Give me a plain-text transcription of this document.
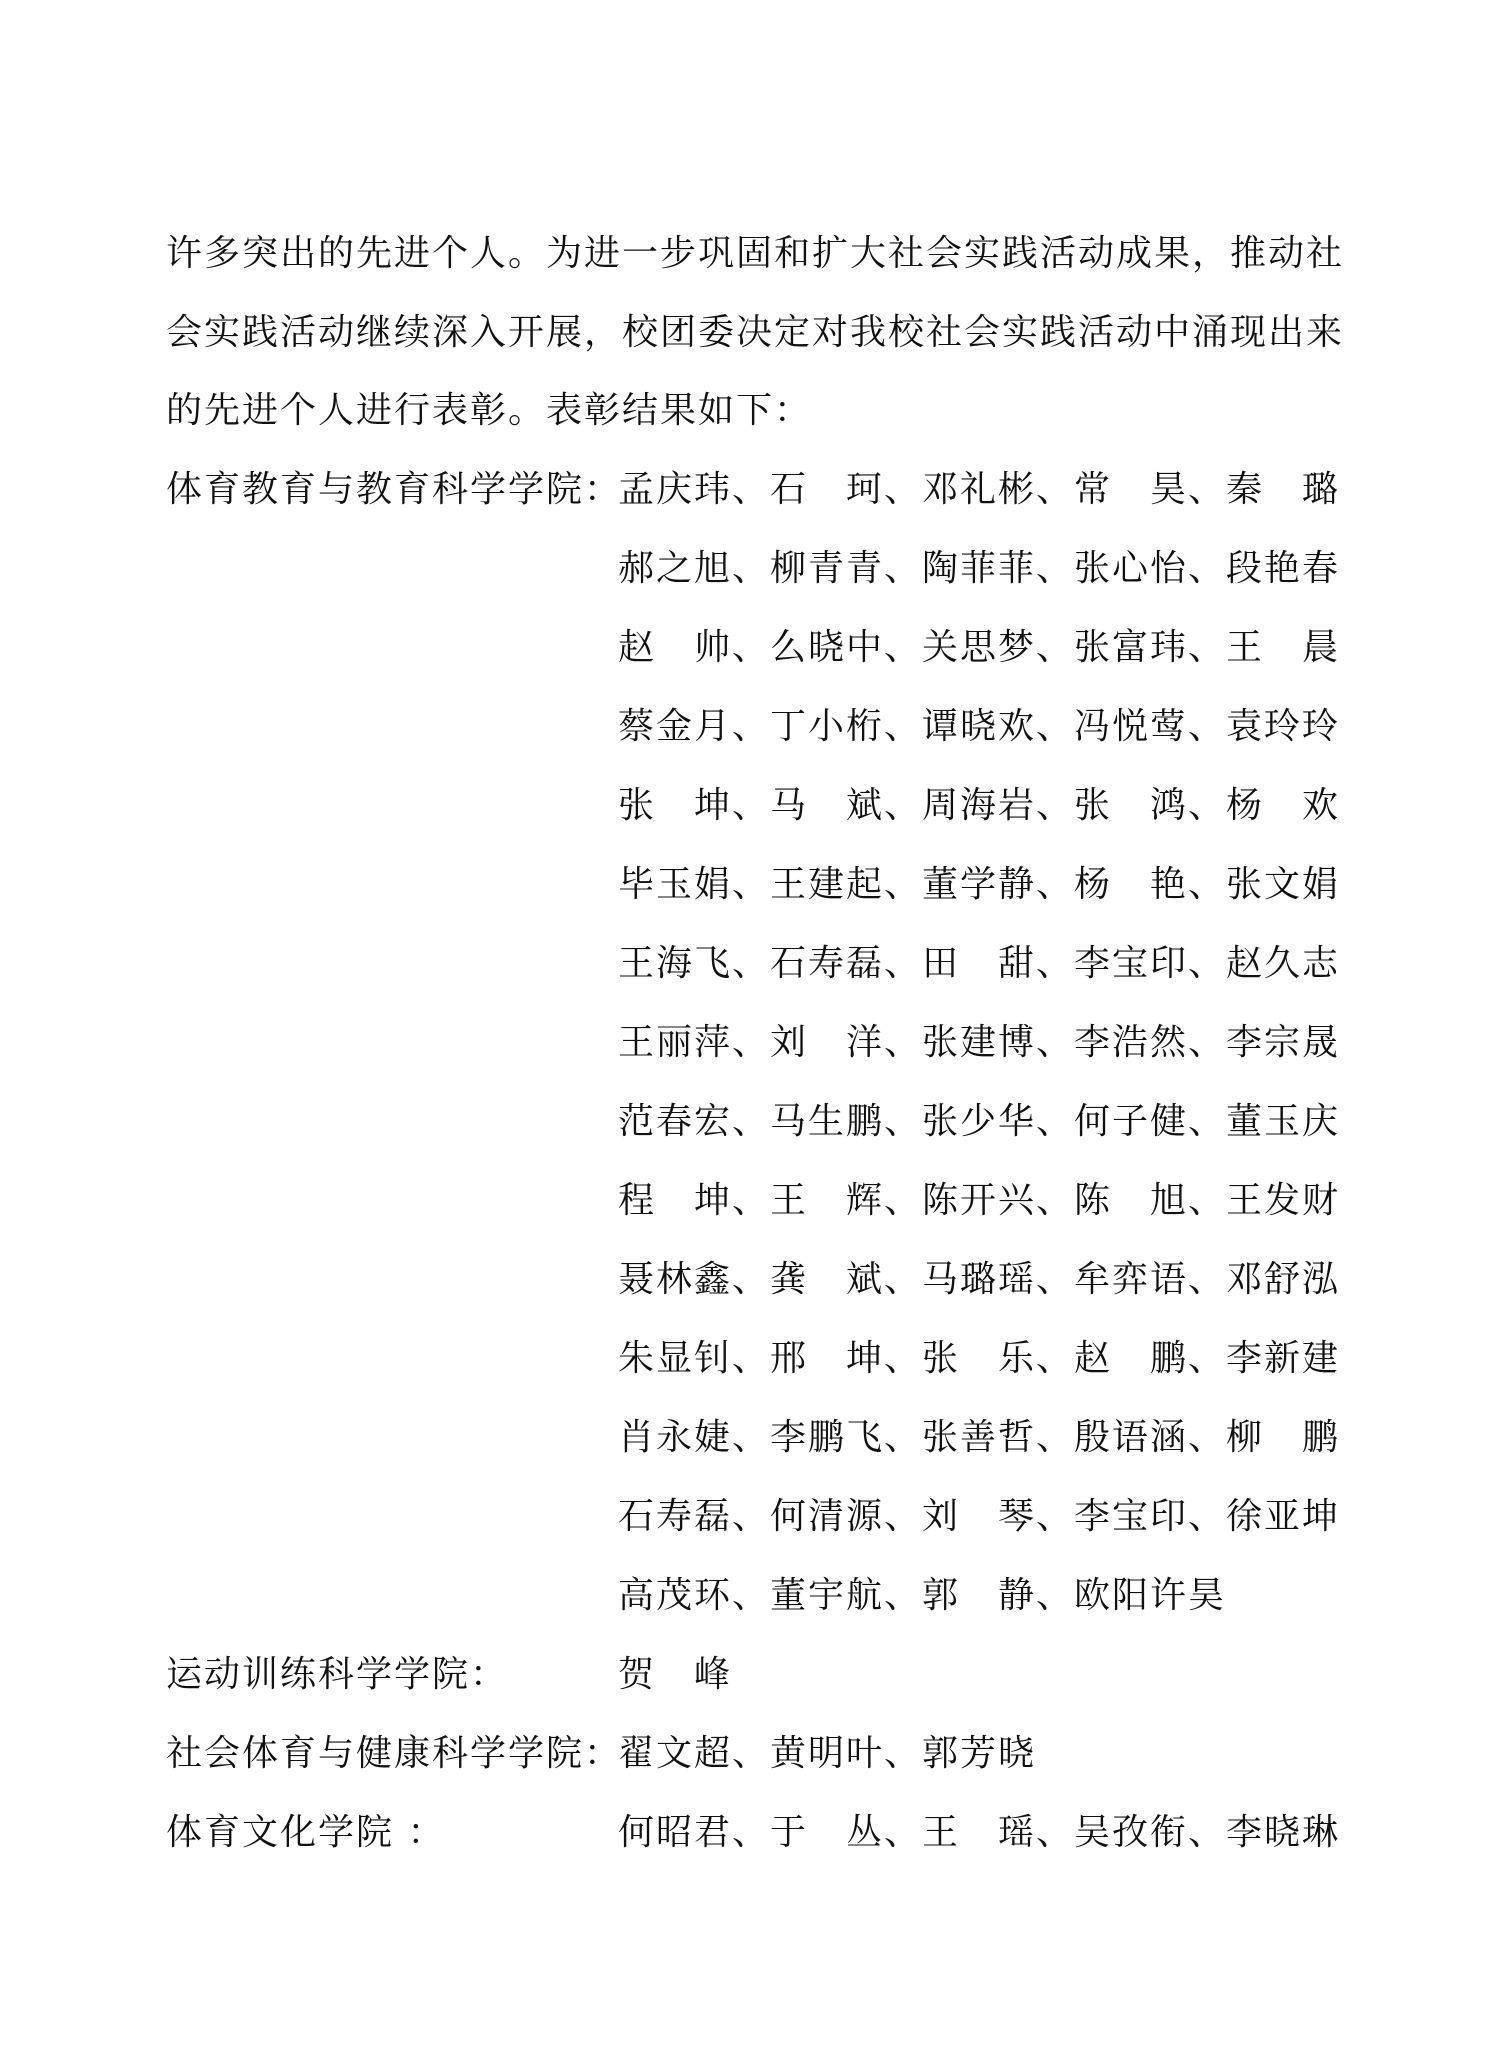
许多突出的先进个人。为进一步巩固和扩大社会实践活动成果，推动社
会实践活动继续深入开展，校团委决定对我校社会实践活动中涌现出来
的先进个人进行表彰。表彰结果如下：
体育教育与教育科学学院：
孟庆玮、石　珂、邓礼彬、常　昊、秦　璐
郝之旭、柳青青、陶菲菲、张心怡、段艳春
赵　帅、么晓中、关思梦、张富玮、王　晨
蔡金月、丁小桁、谭晓欢、冯悦莺、袁玲玲
张　坤、马　斌、周海岩、张　鸿、杨　欢
毕玉娟、王建起、董学静、杨　艳、张文娟
王海飞、石寿磊、田　甜、李宝印、赵久志
王丽萍、刘　洋、张建博、李浩然、李宗晟
范春宏、马生鹏、张少华、何子健、董玉庆
程　坤、王　辉、陈开兴、陈　旭、王发财
聂林鑫、龚　斌、马璐瑶、牟弈语、邓舒泓
朱显钊、邢　坤、张　乐、赵　鹏、李新建
肖永婕、李鹏飞、张善哲、殷语涵、柳　鹏
石寿磊、何清源、刘　琴、李宝印、徐亚坤
高茂环、董宇航、郭　静、欧阳许昊
运动训练科学学院：	贺　峰
社会体育与健康科学学院：
翟文超、黄明叶、郭芳晓
体育文化学院 ：	何昭君、于　丛、王　瑶、吴孜衔、李晓琳
